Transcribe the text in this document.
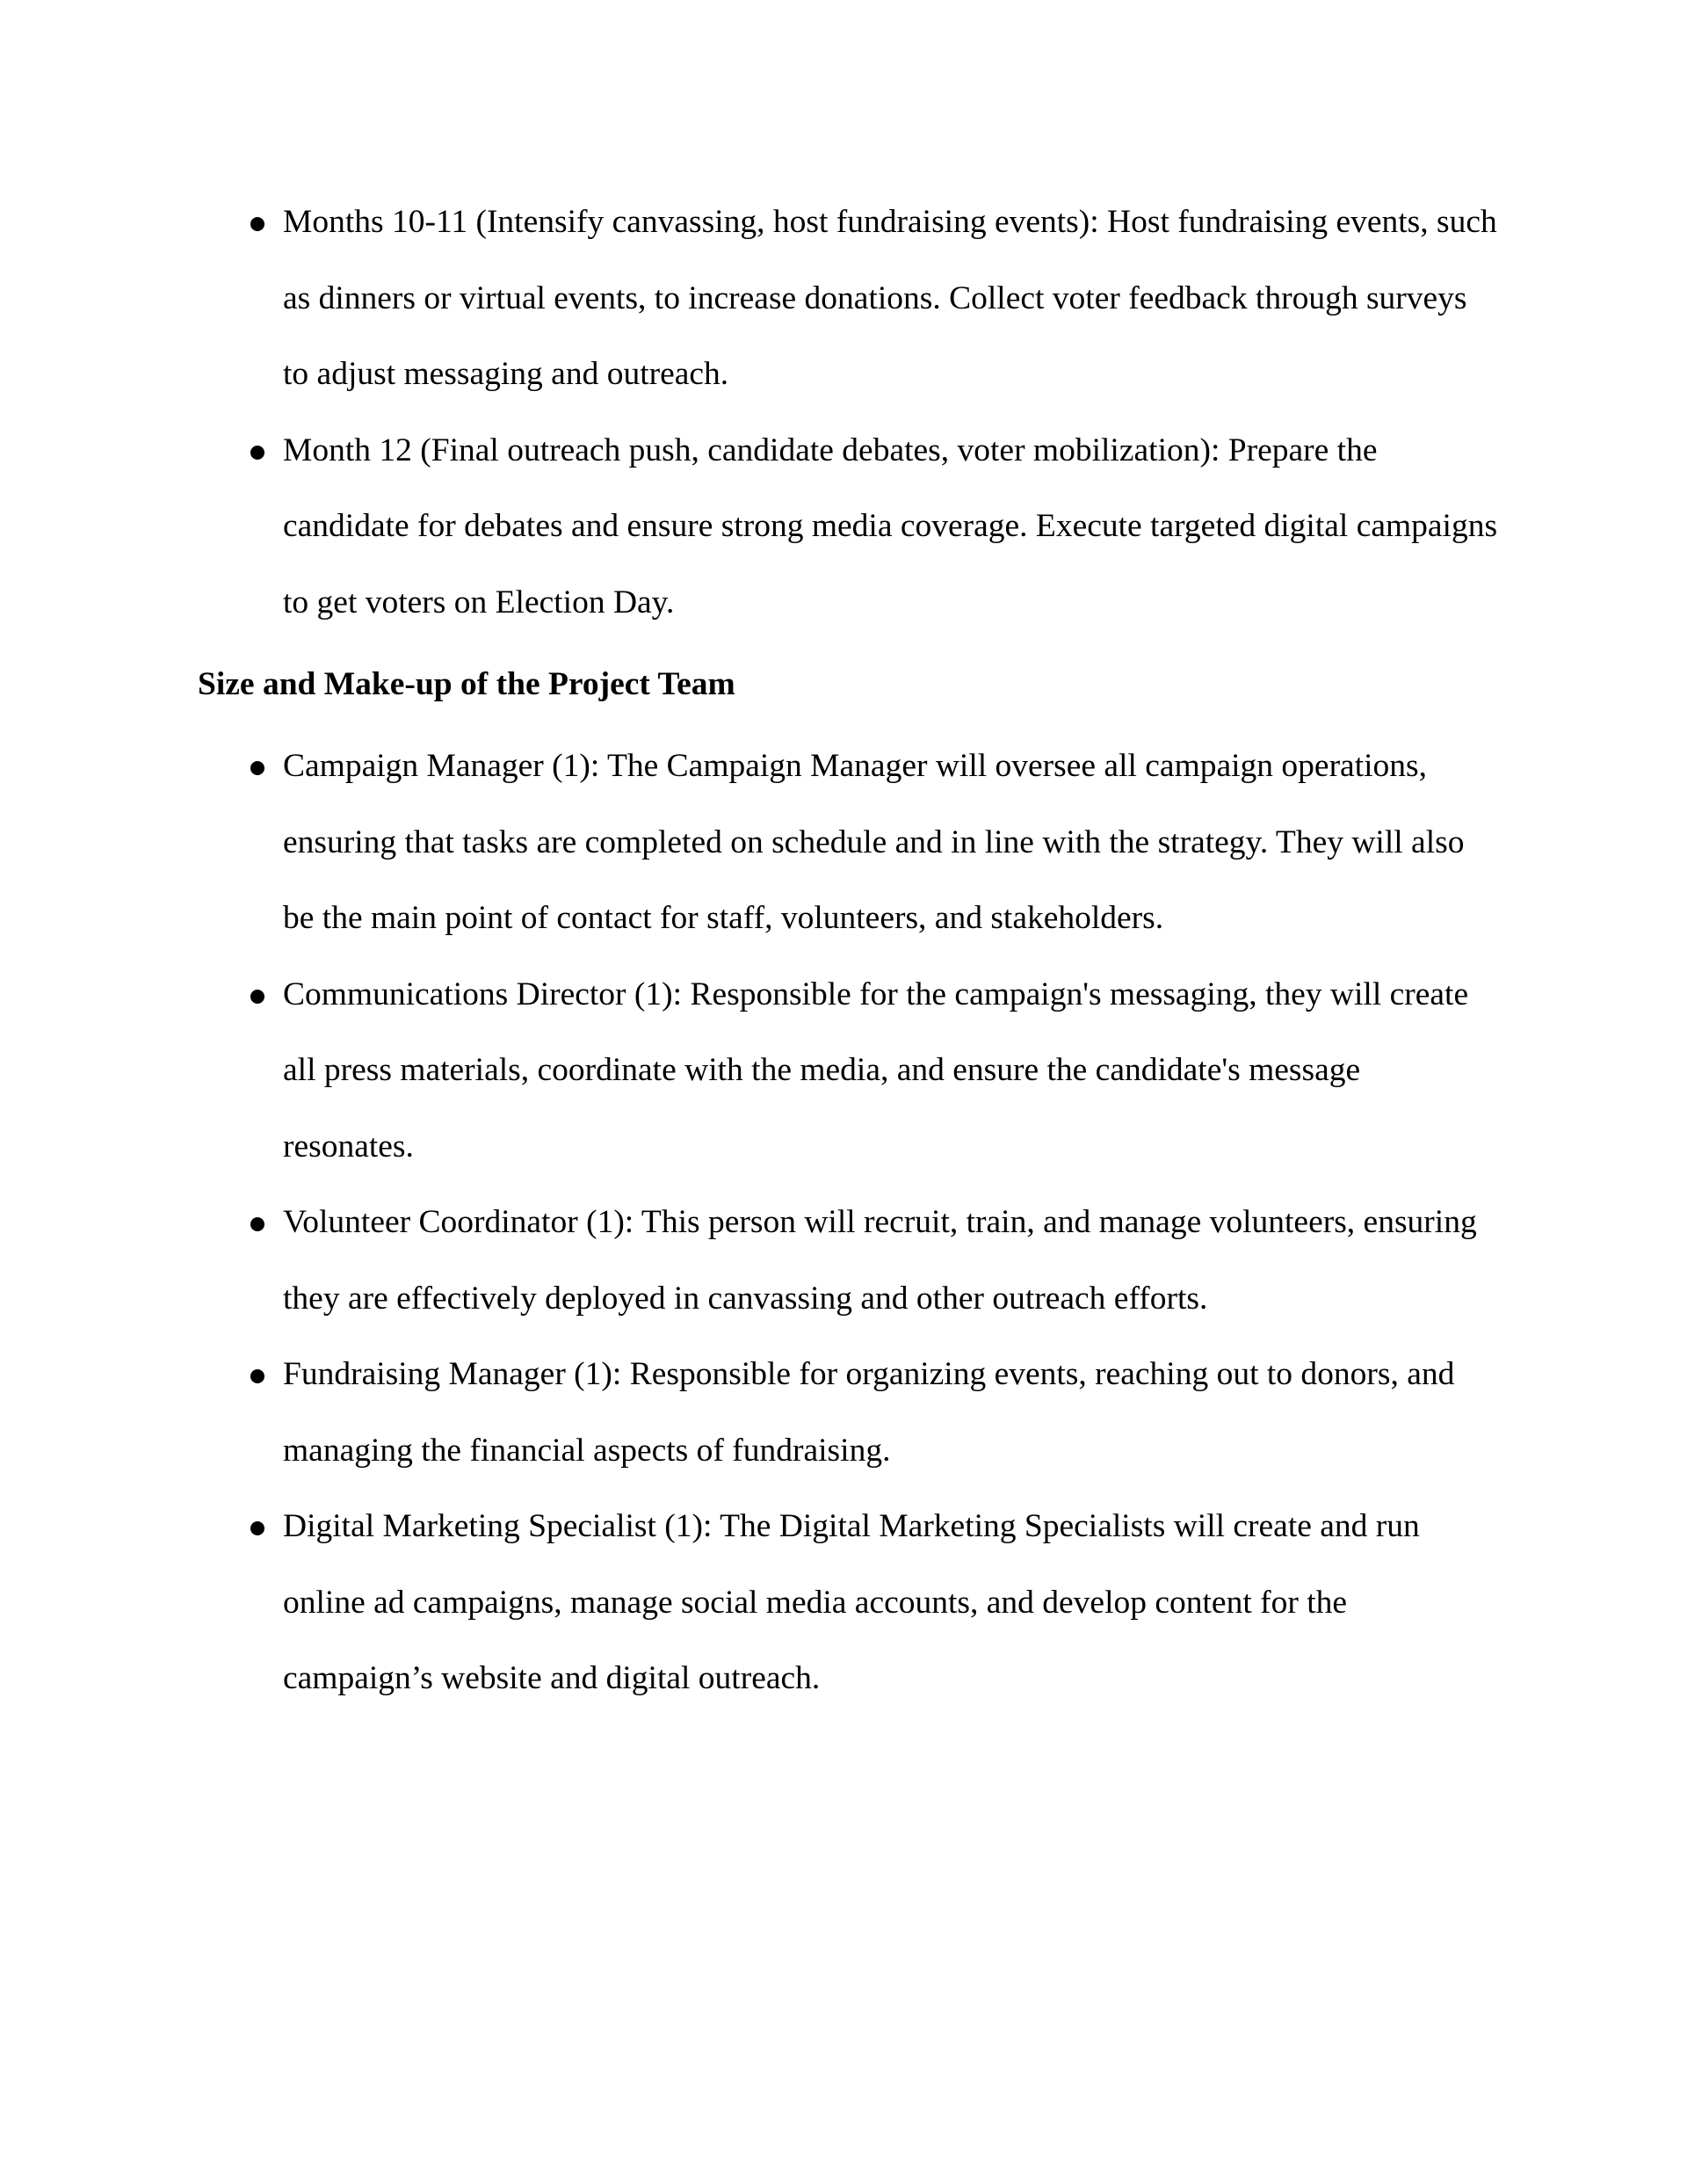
Months 10-11 (Intensify canvassing, host fundraising events): Host fundraising events, such as dinners or virtual events, to increase donations. Collect voter feedback through surveys to adjust messaging and outreach.
Month 12 (Final outreach push, candidate debates, voter mobilization): Prepare the candidate for debates and ensure strong media coverage. Execute targeted digital campaigns to get voters on Election Day.
Size and Make-up of the Project Team
Campaign Manager (1): The Campaign Manager will oversee all campaign operations, ensuring that tasks are completed on schedule and in line with the strategy. They will also be the main point of contact for staff, volunteers, and stakeholders.
Communications Director (1): Responsible for the campaign's messaging, they will create all press materials, coordinate with the media, and ensure the candidate's message resonates.
Volunteer Coordinator (1): This person will recruit, train, and manage volunteers, ensuring they are effectively deployed in canvassing and other outreach efforts.
Fundraising Manager (1): Responsible for organizing events, reaching out to donors, and managing the financial aspects of fundraising.
Digital Marketing Specialist (1): The Digital Marketing Specialists will create and run online ad campaigns, manage social media accounts, and develop content for the campaign’s website and digital outreach.
